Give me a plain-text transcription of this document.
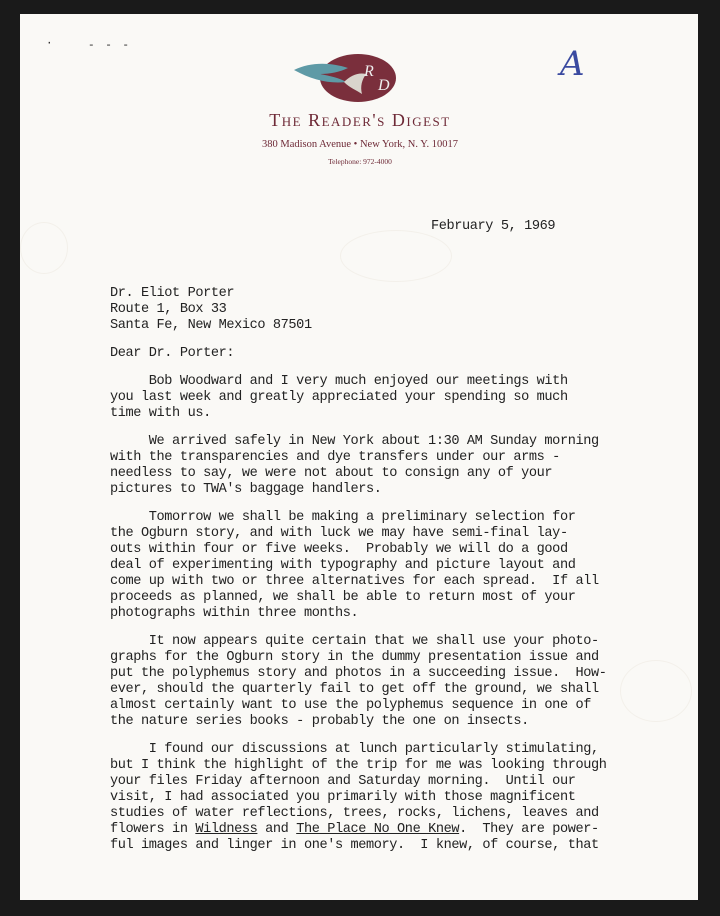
·	- - -	A
R
D
The Reader's Digest
380 Madison Avenue • New York, N. Y. 10017
Telephone: 972-4000
February 5, 1969
Dr. Eliot Porter
Route 1, Box 33
Santa Fe, New Mexico 87501
Dear Dr. Porter:
Bob Woodward and I very much enjoyed our meetings with
you last week and greatly appreciated your spending so much
time with us.
We arrived safely in New York about 1:30 AM Sunday morning
with the transparencies and dye transfers under our arms -
needless to say, we were not about to consign any of your
pictures to TWA's baggage handlers.
Tomorrow we shall be making a preliminary selection for
the Ogburn story, and with luck we may have semi-final lay-
outs within four or five weeks.  Probably we will do a good
deal of experimenting with typography and picture layout and
come up with two or three alternatives for each spread.  If all
proceeds as planned, we shall be able to return most of your
photographs within three months.
It now appears quite certain that we shall use your photo-
graphs for the Ogburn story in the dummy presentation issue and
put the polyphemus story and photos in a succeeding issue.  How-
ever, should the quarterly fail to get off the ground, we shall
almost certainly want to use the polyphemus sequence in one of
the nature series books - probably the one on insects.
I found our discussions at lunch particularly stimulating,
but I think the highlight of the trip for me was looking through
your files Friday afternoon and Saturday morning.  Until our
visit, I had associated you primarily with those magnificent
studies of water reflections, trees, rocks, lichens, leaves and
flowers in Wildness and The Place No One Knew.  They are power-
ful images and linger in one's memory.  I knew, of course, that
